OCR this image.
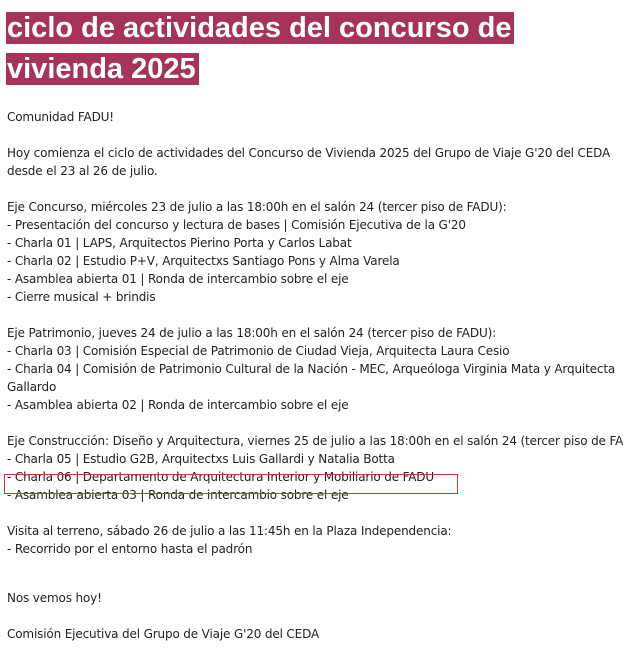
ciclo de actividades del concurso de
vivienda 2025
Comunidad FADU!
Hoy comienza el ciclo de actividades del Concurso de Vivienda 2025 del Grupo de Viaje G'20 del CEDA
desde el 23 al 26 de julio.
Eje Concurso, miércoles 23 de julio a las 18:00h en el salón 24 (tercer piso de FADU):
- Presentación del concurso y lectura de bases | Comisión Ejecutiva de la G'20
- Charla 01 | LAPS, Arquitectos Pierino Porta y Carlos Labat
- Charla 02 | Estudio P+V, Arquitectxs Santiago Pons y Alma Varela
- Asamblea abierta 01 | Ronda de intercambio sobre el eje
- Cierre musical + brindis
Eje Patrimonio, jueves 24 de julio a las 18:00h en el salón 24 (tercer piso de FADU):
- Charla 03 | Comisión Especial de Patrimonio de Ciudad Vieja, Arquitecta Laura Cesio
- Charla 04 | Comisión de Patrimonio Cultural de la Nación - MEC, Arqueóloga Virginia Mata y Arquitecta
Gallardo
- Asamblea abierta 02 | Ronda de intercambio sobre el eje
Eje Construcción: Diseño y Arquitectura, viernes 25 de julio a las 18:00h en el salón 24 (tercer piso de FA
- Charla 05 | Estudio G2B, Arquitectxs Luis Gallardi y Natalia Botta
- Charla 06 | Departamento de Arquitectura Interior y Mobiliario de FADU
- Asamblea abierta 03 | Ronda de intercambio sobre el eje
Visita al terreno, sábado 26 de julio a las 11:45h en la Plaza Independencia:
- Recorrido por el entorno hasta el padrón
Nos vemos hoy!
Comisión Ejecutiva del Grupo de Viaje G'20 del CEDA
